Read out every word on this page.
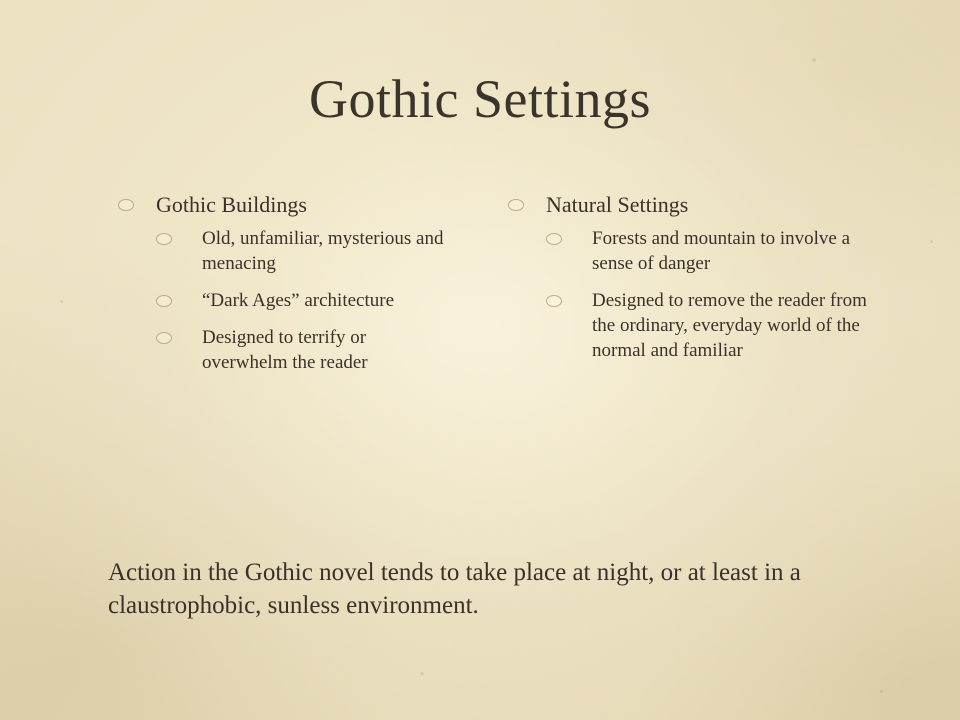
Gothic Settings
Gothic Buildings
Old, unfamiliar, mysterious and menacing
“Dark Ages” architecture
Designed to terrify or overwhelm the reader
Natural Settings
Forests and mountain to involve a sense of danger
Designed to remove the reader from the ordinary, everyday world of the normal and familiar
Action in the Gothic novel tends to take place at night, or at least in a claustrophobic, sunless environment.
